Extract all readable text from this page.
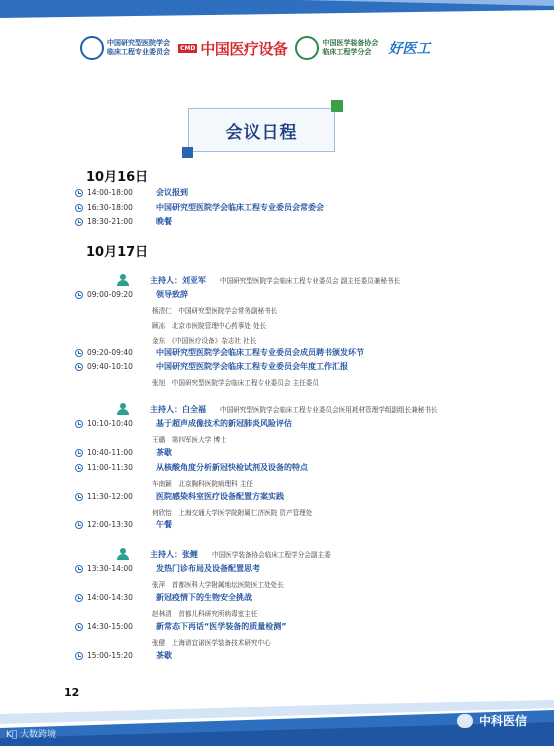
中国研究型医院学会
临床工程专业委员会	CMD 中国医疗设备	中国医学装备协会
临床工程学分会	好医工
会议日程
10月16日
14:00-18:00	会议报到
16:30-18:00	中国研究型医院学会临床工程专业委员会常委会
18:30-21:00	晚餐
10月17日
主持人：刘亚军 中国研究型医院学会临床工程专业委员会 副主任委员兼秘书长
09:00-09:20	领导致辞
杨清仁　中国研究型医院学会常务副秘书长
顾冻　北京市医院管理中心药事处 处长
金东　《中国医疗设备》杂志社 社长
09:20-09:40	中国研究型医院学会临床工程专业委员会成员聘书颁发环节
09:40-10:10	中国研究型医院学会临床工程专业委员会年度工作汇报
张旭　中国研究型医院学会临床工程专业委员会 主任委员
主持人：白全福 中国研究型医院学会临床工程专业委员会医用耗材管理学组副组长兼秘书长
10:10-10:40	基于超声成像技术的新冠肺炎风险评估
王璐　第四军医大学 博士
10:40-11:00	茶歇
11:00-11:30	从核酸角度分析新冠快检试剂及设备的特点
车南颖　北京胸科医院病理科 主任
11:30-12:00	医院感染科室医疗设备配置方案实践
何欣怡　上海交通大学医学院附属仁济医院 资产管理处
12:00-13:30	午餐
主持人：张鲤 中国医学装备协会临床工程学分会副主委
13:30-14:00	发热门诊布局及设备配置思考
张萍　首都医科大学附属地坛医院医工处处长
14:00-14:30	新冠疫情下的生物安全挑战
赵林清　首都儿科研究所病毒室主任
14:30-15:00	新常态下再话“医学装备的质量检测”
张健　上海谱宜诺医学装备技术研究中心
15:00-15:20	茶歇
12
K⃝ 大数跨境
中科医信
